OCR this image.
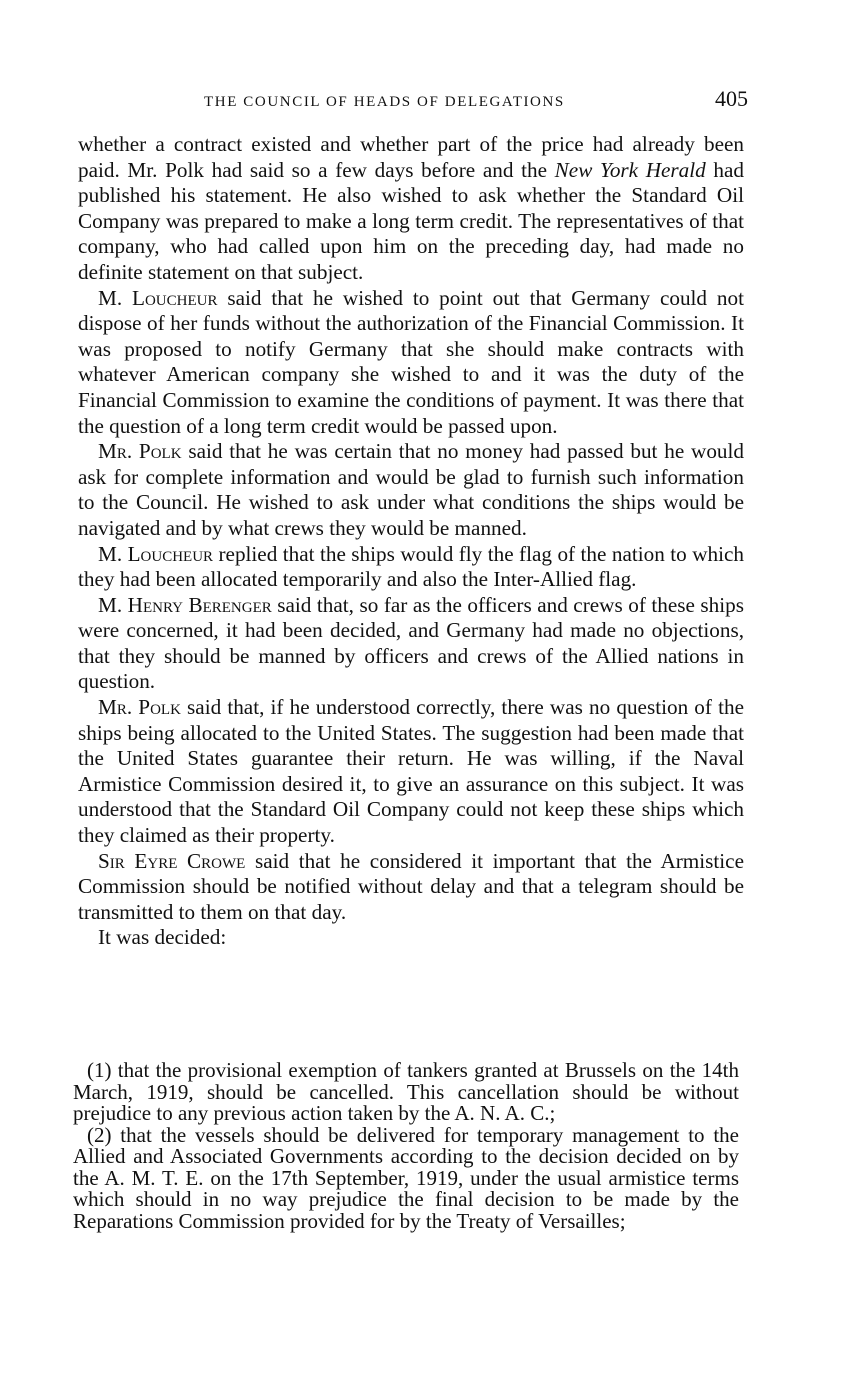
THE COUNCIL OF HEADS OF DELEGATIONS	405

whether a contract existed and whether part of the price had already been paid. Mr. Polk had said so a few days before and the New York Herald had published his statement. He also wished to ask whether the Standard Oil Company was prepared to make a long term credit. The representatives of that company, who had called upon him on the preceding day, had made no definite statement on that subject.

M. Loucheur said that he wished to point out that Germany could not dispose of her funds without the authorization of the Financial Commission. It was proposed to notify Germany that she should make contracts with whatever American company she wished to and it was the duty of the Financial Commission to examine the conditions of payment. It was there that the question of a long term credit would be passed upon.

Mr. Polk said that he was certain that no money had passed but he would ask for complete information and would be glad to furnish such information to the Council. He wished to ask under what conditions the ships would be navigated and by what crews they would be manned.

M. Loucheur replied that the ships would fly the flag of the nation to which they had been allocated temporarily and also the Inter-Allied flag.

M. Henry Berenger said that, so far as the officers and crews of these ships were concerned, it had been decided, and Germany had made no objections, that they should be manned by officers and crews of the Allied nations in question.

Mr. Polk said that, if he understood correctly, there was no question of the ships being allocated to the United States. The suggestion had been made that the United States guarantee their return. He was willing, if the Naval Armistice Commission desired it, to give an assurance on this subject. It was understood that the Standard Oil Company could not keep these ships which they claimed as their property.

Sir Eyre Crowe said that he considered it important that the Armistice Commission should be notified without delay and that a telegram should be transmitted to them on that day.

It was decided:

(1) that the provisional exemption of tankers granted at Brussels on the 14th March, 1919, should be cancelled. This cancellation should be without prejudice to any previous action taken by the A. N. A. C.;

(2) that the vessels should be delivered for temporary management to the Allied and Associated Governments according to the decision decided on by the A. M. T. E. on the 17th September, 1919, under the usual armistice terms which should in no way prejudice the final decision to be made by the Reparations Commission provided for by the Treaty of Versailles;
